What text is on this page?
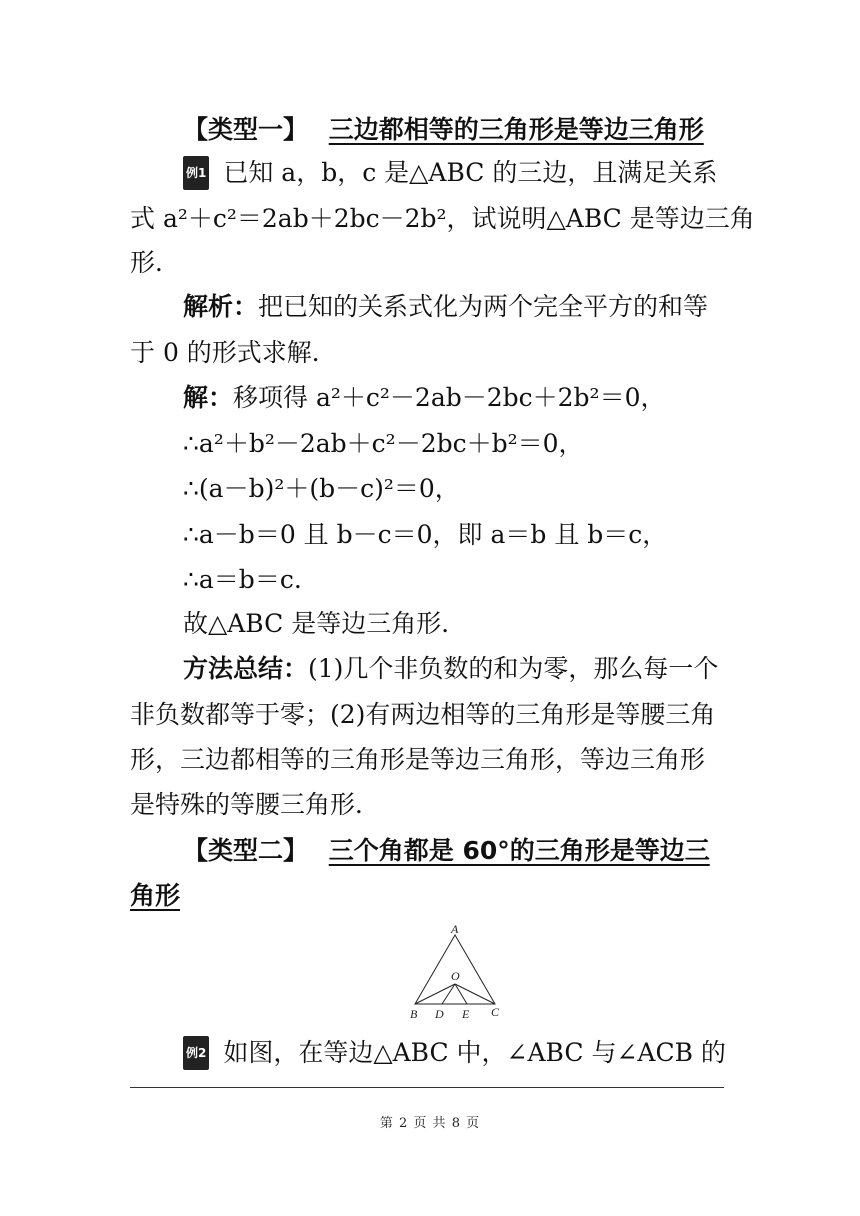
【类型一】 三边都相等的三角形是等边三角形
例1 已知 a，b，c 是△ABC 的三边，且满足关系
式 a²＋c²＝2ab＋2bc－2b²，试说明△ABC 是等边三角
形．
解析：把已知的关系式化为两个完全平方的和等
于 0 的形式求解．
解：移项得 a²＋c²－2ab－2bc＋2b²＝0，
∴a²＋b²－2ab＋c²－2bc＋b²＝0，
∴(a－b)²＋(b－c)²＝0，
∴a－b＝0 且 b－c＝0，即 a＝b 且 b＝c，
∴a＝b＝c.
故△ABC 是等边三角形．
方法总结：(1)几个非负数的和为零，那么每一个
非负数都等于零；(2)有两边相等的三角形是等腰三角
形，三边都相等的三角形是等边三角形，等边三角形
是特殊的等腰三角形．
【类型二】 三个角都是 60°的三角形是等边三
角形
A
O
B D E C
例2 如图，在等边△ABC 中，∠ABC 与∠ACB 的
第 2 页 共 8 页
